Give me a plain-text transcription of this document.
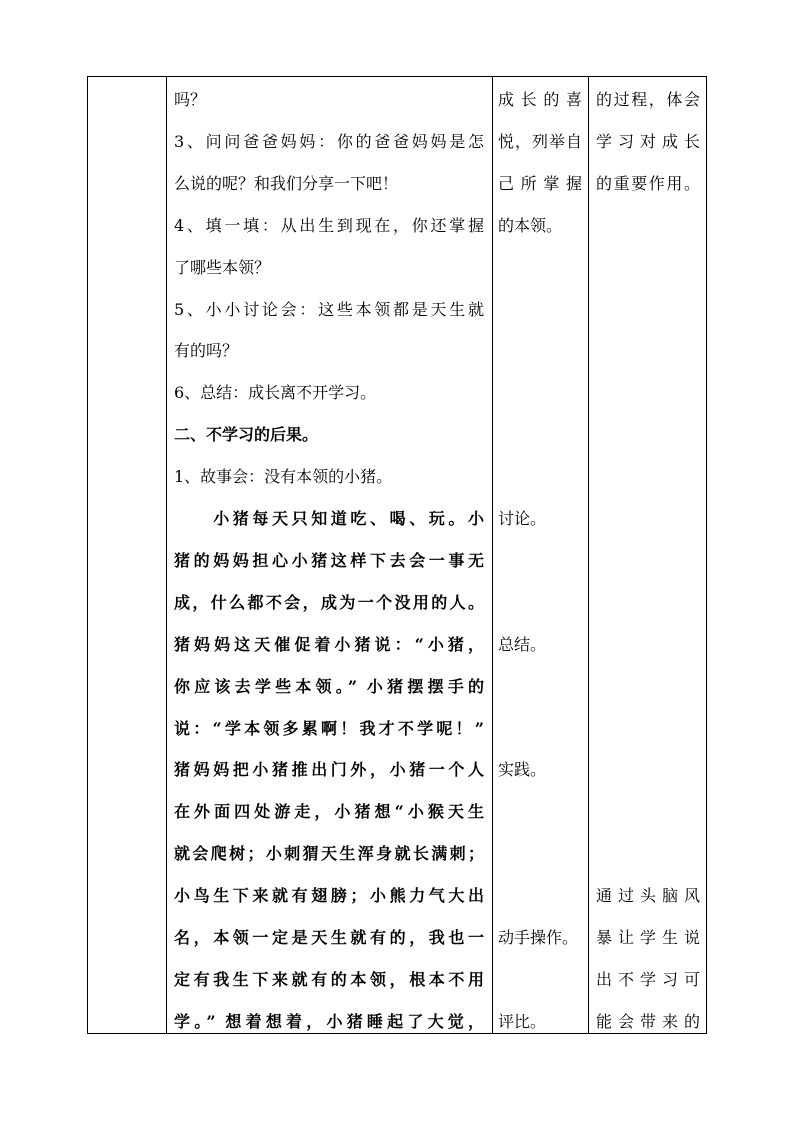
吗？
3、问问爸爸妈妈：你的爸爸妈妈是怎
么说的呢？和我们分享一下吧！
4、填一填：从出生到现在，你还掌握
了哪些本领？
5、小小讨论会：这些本领都是天生就
有的吗？
6、总结：成长离不开学习。
二、不学习的后果。
1、故事会：没有本领的小猪。
　　小猪每天只知道吃、喝、玩。小
猪的妈妈担心小猪这样下去会一事无
成，什么都不会，成为一个没用的人。
猪妈妈这天催促着小猪说：“小猪，
你应该去学些本领。” 小猪摆摆手的
说：“学本领多累啊！我才不学呢！”
猪妈妈把小猪推出门外，小猪一个人
在外面四处游走，小猪想“小猴天生
就会爬树；小刺猬天生浑身就长满刺；
小鸟生下来就有翅膀；小熊力气大出
名，本领一定是天生就有的，我也一
定有我生下来就有的本领，根本不用
学。” 想着想着，小猪睡起了大觉，
成长的喜
悦，列举自
己所掌握
的本领。
讨论。
总结。
实践。
动手操作。
评比。
的过程，体会
学习对成长
的重要作用。
通过头脑风
暴让学生说
出不学习可
能会带来的
